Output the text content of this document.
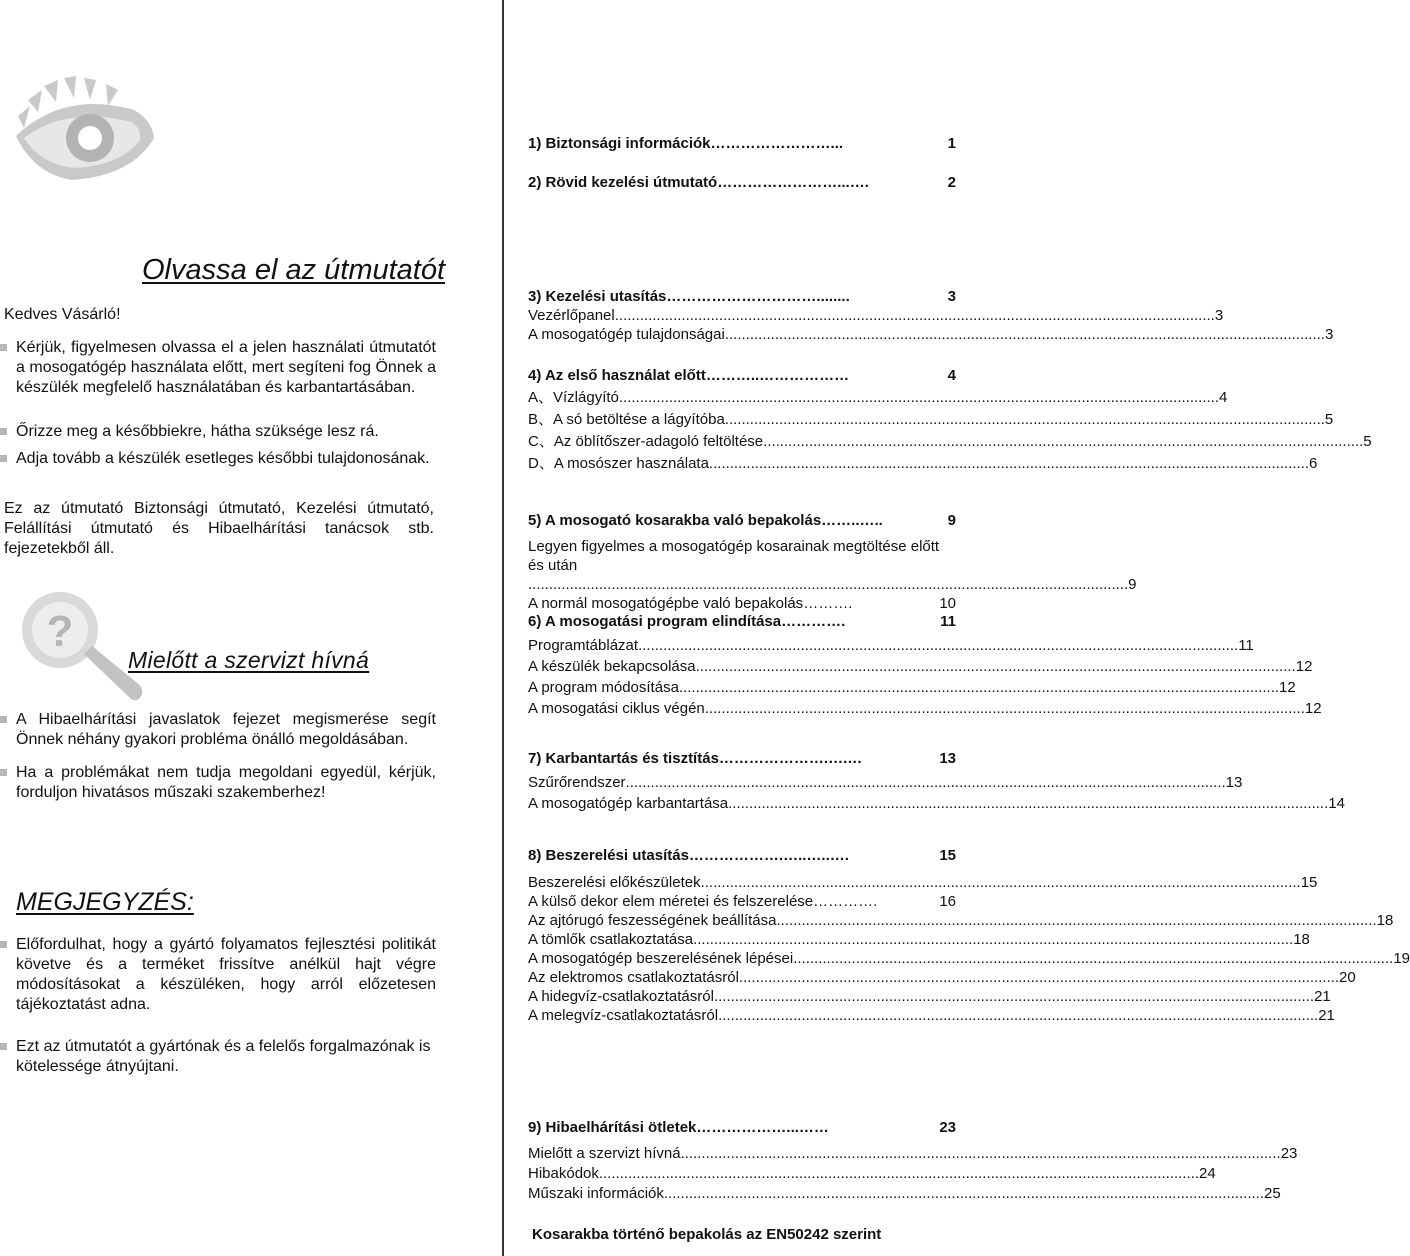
Olvassa el az útmutatót
Kedves Vásárló!
Kérjük, figyelmesen olvassa el a jelen használati útmutatót a mosogatógép használata előtt, mert segíteni fog Önnek a készülék megfelelő használatában és karbantartásában.
Őrizze meg a későbbiekre, hátha szüksége lesz rá.
Adja tovább a készülék esetleges későbbi tulajdonosának.
Ez az útmutató Biztonsági útmutató, Kezelési útmutató, Felállítási útmutató és Hibaelhárítási tanácsok stb. fejezetekből áll.
?
Mielőtt a szervizt hívná
A Hibaelhárítási javaslatok fejezet megismerése segít Önnek néhány gyakori probléma önálló megoldásában.
Ha a problémákat nem tudja megoldani egyedül, kérjük, forduljon hivatásos műszaki szakemberhez!
MEGJEGYZÉS:
Előfordulhat, hogy a gyártó folyamatos fejlesztési politikát követve és a terméket frissítve anélkül hajt végre módosításokat a készüléken, hogy arról előzetesen tájékoztatást adna.
Ezt az útmutatót a gyártónak és a felelős forgalmazónak is kötelessége átnyújtani.
1) Biztonsági információk ……………………...	1
2) Rövid kezelési útmutató ……………………...….	2
3) Kezelési utasítás …………………………........	3
Vezérlőpanel ................................................................................................................................................ 3
A mosogatógép tulajdonságai ................................................................................................................................................ 3
4) Az első használat előtt ………..………………	4
A、Vízlágyító ................................................................................................................................................ 4
B、A só betöltése a lágyítóba ................................................................................................................................................ 5
C、Az öblítőszer-adagoló feltöltése ................................................................................................................................................ 5
D、A mosószer használata ................................................................................................................................................ 6
5) A mosogató kosarakba való bepakolás ……..…..	9
Legyen figyelmes a mosogatógép kosarainak megtöltése előtt és után
................................................................................................................................................ 9
A normál mosogatógépbe való bepakolás ……….	10
6) A mosogatási program elindítása ………….	11
Programtáblázat ................................................................................................................................................ 11
A készülék bekapcsolása ................................................................................................................................................ 12
A program módosítása ................................................................................................................................................ 12
A mosogatási ciklus végén ................................................................................................................................................ 12
7) Karbantartás és tisztítás ………………….….…	13
Szűrőrendszer ................................................................................................................................................ 13
A mosogatógép karbantartása ................................................................................................................................................ 14
8) Beszerelési utasítás ……………….…..…..….	15
Beszerelési előkészületek ................................................................................................................................................ 15
A külső dekor elem méretei és felszerelése ………….	16
Az ajtórugó feszességének beállítása ................................................................................................................................................ 18
A tömlők csatlakoztatása ................................................................................................................................................ 18
A mosogatógép beszerelésének lépései ................................................................................................................................................ 19
Az elektromos csatlakoztatásról ................................................................................................................................................ 20
A hidegvíz-csatlakoztatásról ................................................................................................................................................ 21
A melegvíz-csatlakoztatásról ................................................................................................................................................ 21
9) Hibaelhárítási ötletek ………………...……	23
Mielőtt a szervizt hívná ................................................................................................................................................ 23
Hibakódok ................................................................................................................................................ 24
Műszaki információk ................................................................................................................................................ 25
Kosarakba történő bepakolás az EN50242 szerint
